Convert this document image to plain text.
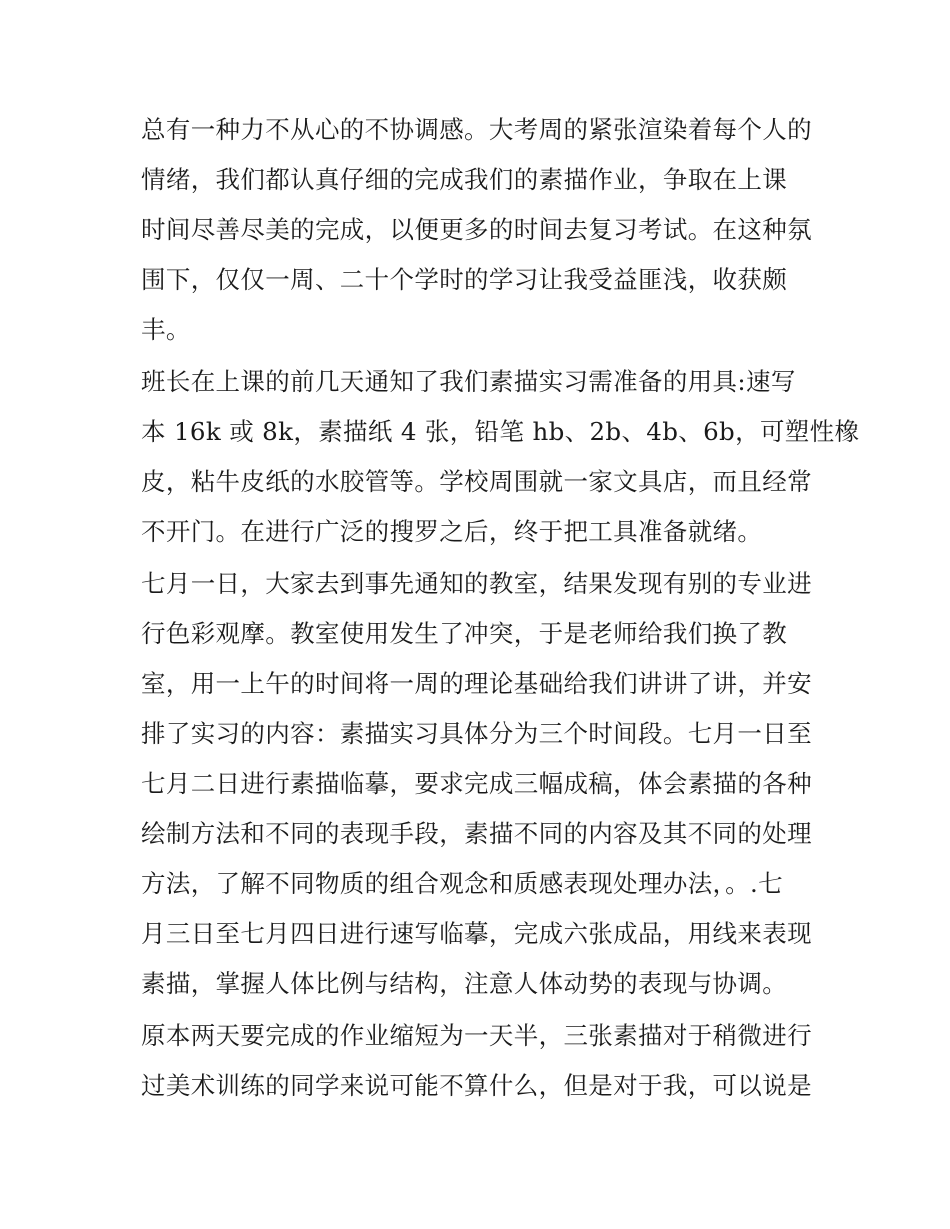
总有一种力不从心的不协调感。大考周的紧张渲染着每个人的
情绪，我们都认真仔细的完成我们的素描作业，争取在上课
时间尽善尽美的完成，以便更多的时间去复习考试。在这种氛
围下，仅仅一周、二十个学时的学习让我受益匪浅，收获颇
丰。
班长在上课的前几天通知了我们素描实习需准备的用具:速写
本 16k 或 8k，素描纸 4 张，铅笔 hb、2b、4b、6b，可塑性橡
皮，粘牛皮纸的水胶管等。学校周围就一家文具店，而且经常
不开门。在进行广泛的搜罗之后，终于把工具准备就绪。
七月一日，大家去到事先通知的教室，结果发现有别的专业进
行色彩观摩。教室使用发生了冲突，于是老师给我们换了教
室，用一上午的时间将一周的理论基础给我们讲讲了讲，并安
排了实习的内容：素描实习具体分为三个时间段。七月一日至
七月二日进行素描临摹，要求完成三幅成稿，体会素描的各种
绘制方法和不同的表现手段，素描不同的内容及其不同的处理
方法，了解不同物质的组合观念和质感表现处理办法，。.七
月三日至七月四日进行速写临摹，完成六张成品，用线来表现
素描，掌握人体比例与结构，注意人体动势的表现与协调。
原本两天要完成的作业缩短为一天半，三张素描对于稍微进行
过美术训练的同学来说可能不算什么，但是对于我，可以说是
